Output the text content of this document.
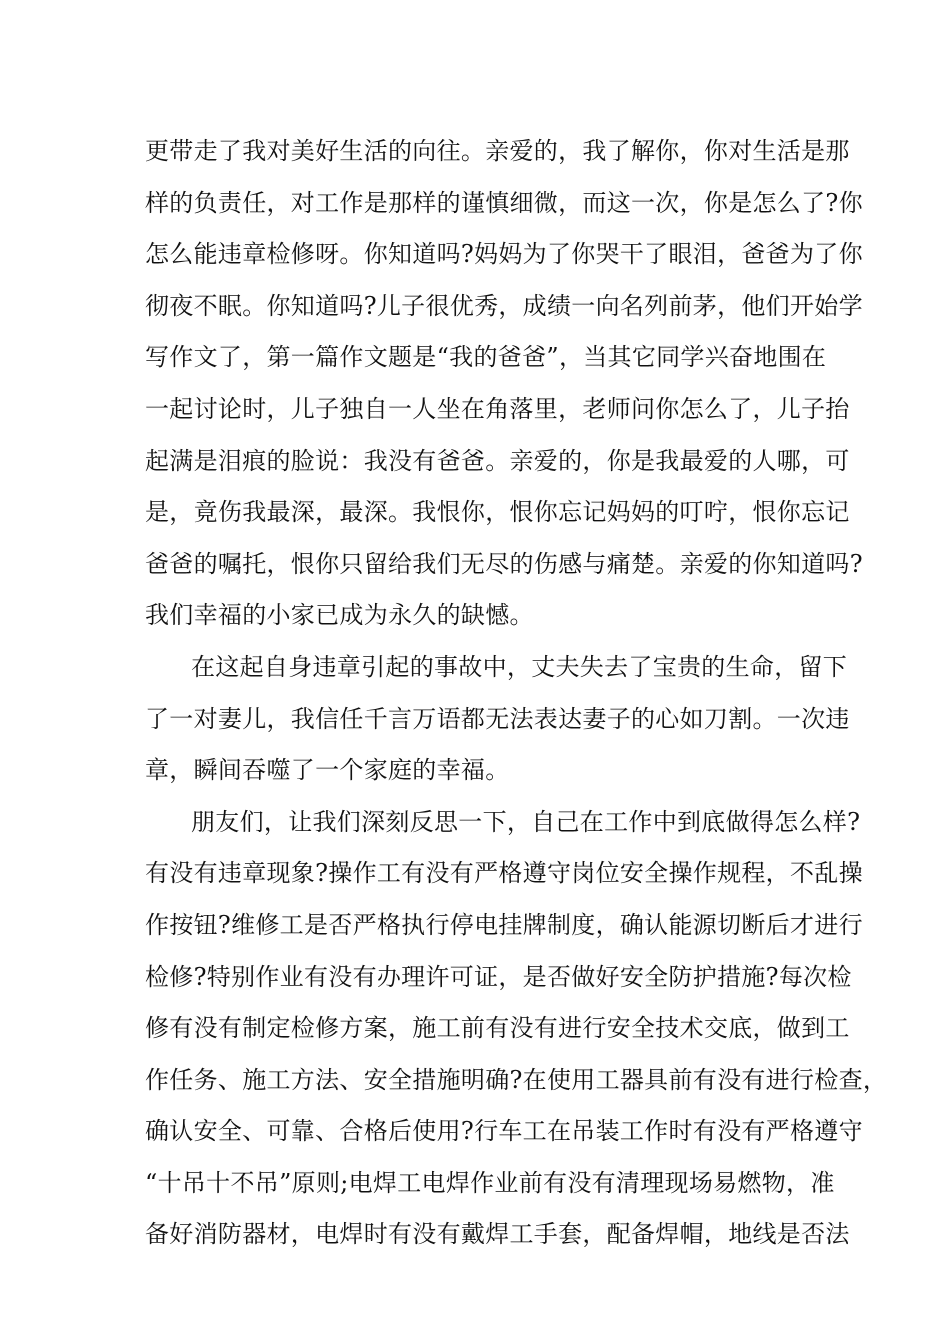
更带走了我对美好生活的向往。亲爱的，我了解你，你对生活是那
样的负责任，对工作是那样的谨慎细微，而这一次，你是怎么了?你
怎么能违章检修呀。你知道吗?妈妈为了你哭干了眼泪，爸爸为了你
彻夜不眠。你知道吗?儿子很优秀，成绩一向名列前茅，他们开始学
写作文了，第一篇作文题是“我的爸爸”，当其它同学兴奋地围在
一起讨论时，儿子独自一人坐在角落里，老师问你怎么了，儿子抬
起满是泪痕的脸说：我没有爸爸。亲爱的，你是我最爱的人哪，可
是，竟伤我最深，最深。我恨你，恨你忘记妈妈的叮咛，恨你忘记
爸爸的嘱托，恨你只留给我们无尽的伤感与痛楚。亲爱的你知道吗?
我们幸福的小家已成为永久的缺憾。
在这起自身违章引起的事故中，丈夫失去了宝贵的生命，留下
了一对妻儿，我信任千言万语都无法表达妻子的心如刀割。一次违
章，瞬间吞噬了一个家庭的幸福。
朋友们，让我们深刻反思一下，自己在工作中到底做得怎么样?
有没有违章现象?操作工有没有严格遵守岗位安全操作规程，不乱操
作按钮?维修工是否严格执行停电挂牌制度，确认能源切断后才进行
检修?特别作业有没有办理许可证，是否做好安全防护措施?每次检
修有没有制定检修方案，施工前有没有进行安全技术交底，做到工
作任务、施工方法、安全措施明确?在使用工器具前有没有进行检查，
确认安全、可靠、合格后使用?行车工在吊装工作时有没有严格遵守
“十吊十不吊”原则;电焊工电焊作业前有没有清理现场易燃物，准
备好消防器材，电焊时有没有戴焊工手套，配备焊帽，地线是否法
